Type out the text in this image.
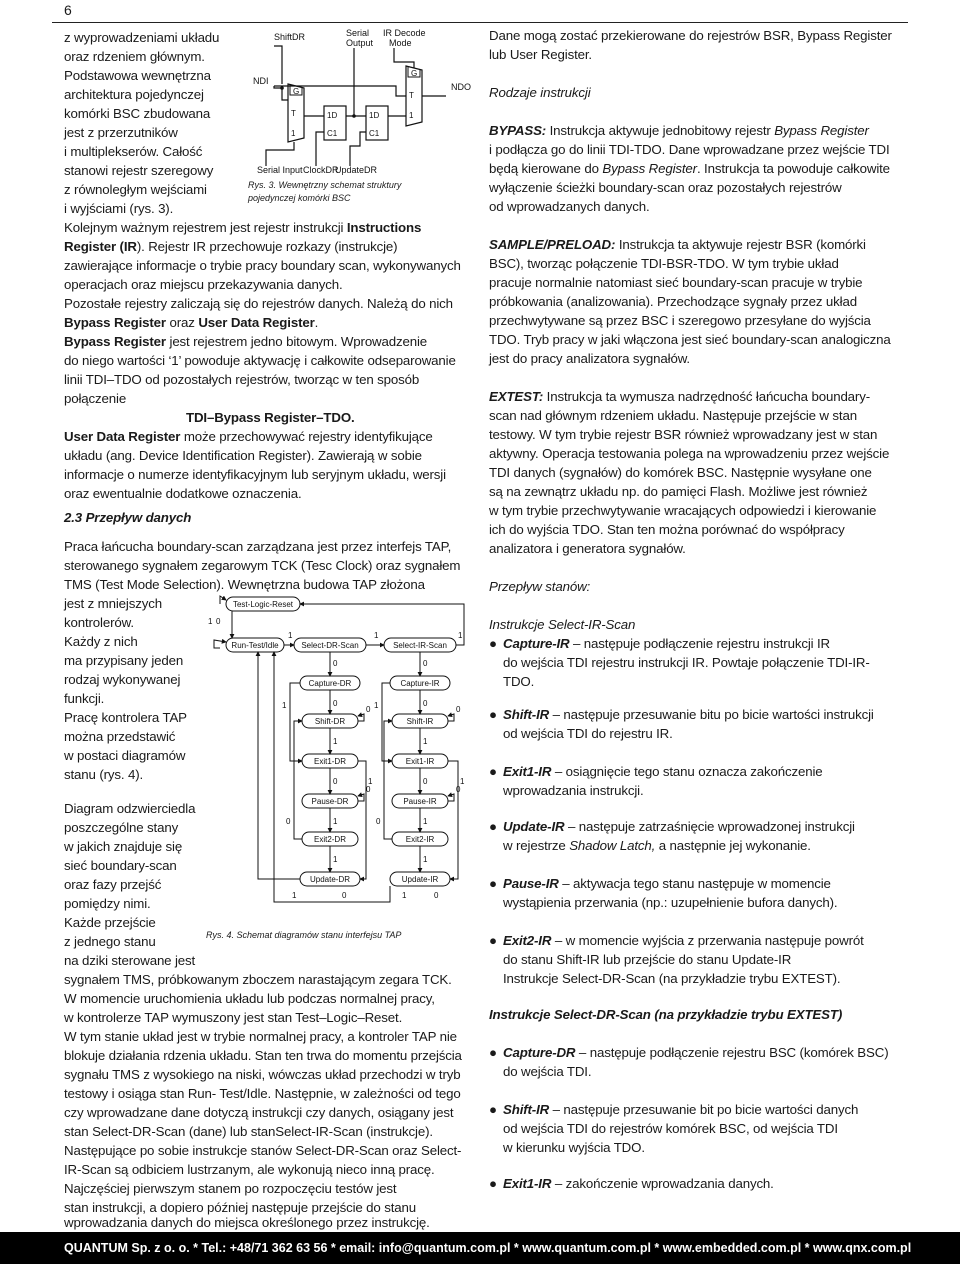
6
z wyprowadzeniami układu
oraz rdzeniem głównym.
Podstawowa wewnętrzna
architektura pojedynczej
komórki BSC zbudowana
jest z przerzutników
i multiplekserów. Całość
stanowi rejestr szeregowy
z równoległym wejściami
i wyjściami (rys. 3).
Kolejnym ważnym rejestrem jest rejestr instrukcji Instructions
Register (IR). Rejestr IR przechowuje rozkazy (instrukcje)
zawierające informacje o trybie pracy boundary scan, wykonywanych
operacjach oraz miejscu przekazywania danych.
Pozostałe rejestry zaliczają się do rejestrów danych. Należą do nich
Bypass Register oraz User Data Register.
Bypass Register jest rejestrem jedno bitowym. Wprowadzenie
do niego wartości ‘1’ powoduje aktywację i całkowite odseparowanie
linii TDI–TDO od pozostałych rejestrów, tworząc w ten sposób
połączenie
TDI–Bypass Register–TDO.
User Data Register może przechowywać rejestry identyfikujące
układu (ang. Device Identification Register). Zawierają w sobie
informacje o numerze identyfikacyjnym lub seryjnym układu, wersji
oraz ewentualnie dodatkowe oznaczenia.
2.3 Przepływ danych
Praca łańcucha boundary-scan zarządzana jest przez interfejs TAP,
sterowanego sygnałem zegarowym TCK (Tesc Clock) oraz sygnałem
TMS (Test Mode Selection). Wewnętrzna budowa TAP złożona
jest z mniejszych
kontrolerów.
Każdy z nich
ma przypisany jeden
rodzaj wykonywanej
funkcji.
Pracę kontrolera TAP
można przedstawić
w postaci diagramów
stanu (rys. 4).
Diagram odzwierciedla
poszczególne stany
w jakich znajduje się
sieć boundary-scan
oraz fazy przejść
pomiędzy nimi.
Każde przejście
z jednego stanu
na dziki sterowane jest
sygnałem TMS, próbkowanym zboczem narastającym zegara TCK.
W momencie uruchomienia układu lub podczas normalnej pracy,
w kontrolerze TAP wymuszony jest stan Test–Logic–Reset.
W tym stanie układ jest w trybie normalnej pracy, a kontroler TAP nie
blokuje działania rdzenia układu. Stan ten trwa do momentu przejścia
sygnału TMS z wysokiego na niski, wówczas układ przechodzi w tryb
testowy i osiąga stan Run- Test/Idle. Następnie, w zależności od tego
czy wprowadzane dane dotyczą instrukcji czy danych, osiągany jest
stan Select-DR-Scan (dane) lub stanSelect-IR-Scan (instrukcje).
Następujące po sobie instrukcje stanów Select-DR-Scan oraz Select-
IR-Scan są odbiciem lustrzanym, ale wykonują nieco inną pracę.
Najczęściej pierwszym stanem po rozpoczęciu testów jest
stan instrukcji, a dopiero później następuje przejście do stanu
wprowadzania danych do miejsca określonego przez instrukcję.
ShiftDR	Serial
Output
IR Decode
Mode
NDI
NDO
Serial Input ClockDR
UpdateDR
G
T
1
1D
C1
1D
C1
G
T
1
Rys. 3. Wewnętrzny schemat struktury
pojedynczej komórki BSC
Test-Logic-Reset
Run-Test/Idle	Select-DR-Scan	Select-IR-Scan
Capture-DR	Capture-IR
Shift-DR	Shift-IR
Exit1-DR	Exit1-IR
Pause-DR	Pause-IR
Exit2-DR	Exit2-IR
Update-DR	Update-IR
0
1
1	1	1
0	0
0	0
1	1
1	1
0	0
0	0
0	0
1	1
0	0
1	1
1	1
1	0	1	0
Rys. 4. Schemat diagramów stanu interfejsu TAP
Dane mogą zostać przekierowane do rejestrów BSR, Bypass Register
lub User Register.
Rodzaje instrukcji
BYPASS: Instrukcja aktywuje jednobitowy rejestr Bypass Register
i podłącza go do linii TDI-TDO. Dane wprowadzane przez wejście TDI
będą kierowane do Bypass Register. Instrukcja ta powoduje całkowite
wyłączenie ścieżki boundary-scan oraz pozostałych rejestrów
od wprowadzanych danych.
SAMPLE/PRELOAD: Instrukcja ta aktywuje rejestr BSR (komórki
BSC), tworząc połączenie TDI-BSR-TDO. W tym trybie układ
pracuje normalnie natomiast sieć boundary-scan pracuje w trybie
próbkowania (analizowania). Przechodzące sygnały przez układ
przechwytywane są przez BSC i szeregowo przesyłane do wyjścia
TDO. Tryb pracy w jaki włączona jest sieć boundary-scan analogiczna
jest do pracy analizatora sygnałów.
EXTEST: Instrukcja ta wymusza nadrzędność łańcucha boundary-
scan nad głównym rdzeniem układu. Następuje przejście w stan
testowy. W tym trybie rejestr BSR również wprowadzany jest w stan
aktywny. Operacja testowania polega na wprowadzeniu przez wejście
TDI danych (sygnałów) do komórek BSC. Następnie wysyłane one
są na zewnątrz układu np. do pamięci Flash. Możliwe jest również
w tym trybie przechwytywanie wracających odpowiedzi i kierowanie
ich do wyjścia TDO. Stan ten można porównać do współpracy
analizatora i generatora sygnałów.
Przepływ stanów:
Instrukcje Select-IR-Scan
● Capture-IR – następuje podłączenie rejestru instrukcji IR
do wejścia TDI rejestru instrukcji IR. Powtaje połączenie TDI-IR-
TDO.
● Shift-IR – następuje przesuwanie bitu po bicie wartości instrukcji
od wejścia TDI do rejestru IR.
● Exit1-IR – osiągnięcie tego stanu oznacza zakończenie
wprowadzania instrukcji.
● Update-IR – następuje zatrzaśnięcie wprowadzonej instrukcji
w rejestrze Shadow Latch, a następnie jej wykonanie.
● Pause-IR – aktywacja tego stanu następuje w momencie
wystąpienia przerwania (np.: uzupełnienie bufora danych).
● Exit2-IR – w momencie wyjścia z przerwania następuje powrót
do stanu Shift-IR lub przejście do stanu Update-IR
Instrukcje Select-DR-Scan (na przykładzie trybu EXTEST).
Instrukcje Select-DR-Scan (na przykładzie trybu EXTEST)
● Capture-DR – następuje podłączenie rejestru BSC (komórek BSC)
do wejścia TDI.
● Shift-IR – następuje przesuwanie bit po bicie wartości danych
od wejścia TDI do rejestrów komórek BSC, od wejścia TDI
w kierunku wyjścia TDO.
● Exit1-IR – zakończenie wprowadzania danych.
QUANTUM Sp. z o. o. * Tel.: +48/71 362 63 56 * email: info@quantum.com.pl * www.quantum.com.pl * www.embedded.com.pl * www.qnx.com.pl
